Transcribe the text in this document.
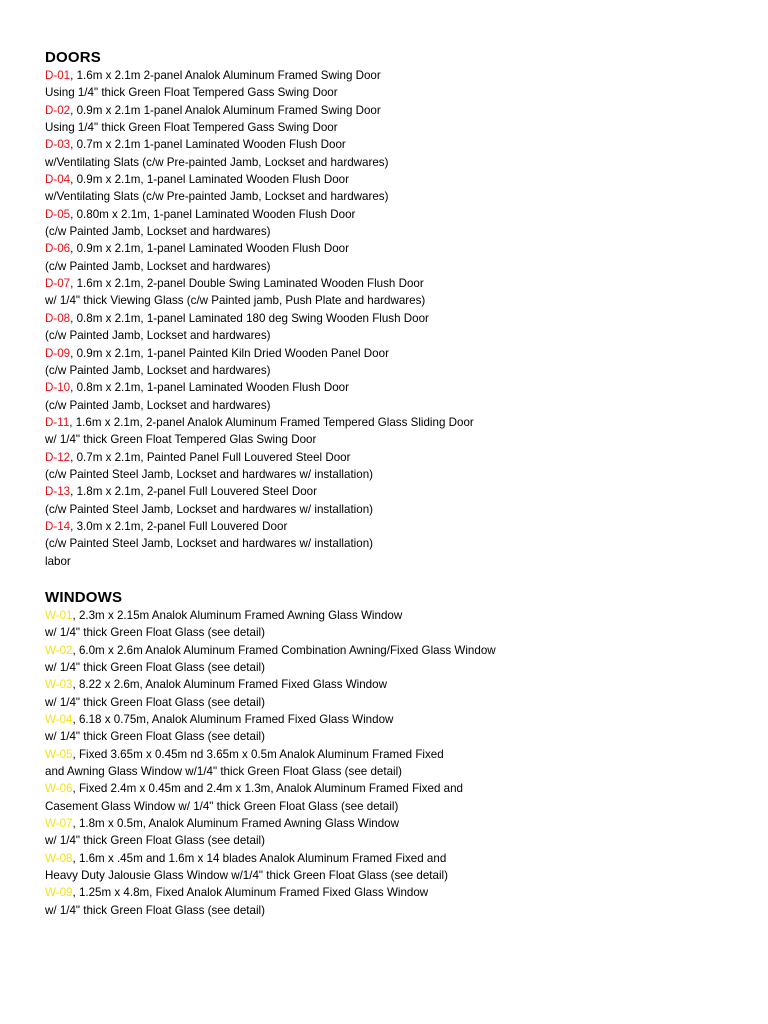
DOORS

D-01, 1.6m x 2.1m 2-panel Analok Aluminum Framed Swing Door

Using 1/4" thick Green Float Tempered Gass Swing Door

D-02, 0.9m x 2.1m 1-panel Analok Aluminum Framed Swing Door

Using 1/4" thick Green Float Tempered Gass Swing Door

D-03, 0.7m x 2.1m 1-panel Laminated Wooden Flush Door

w/Ventilating Slats (c/w Pre-painted Jamb, Lockset and hardwares)

D-04, 0.9m x 2.1m, 1-panel Laminated Wooden Flush Door

w/Ventilating Slats (c/w Pre-painted Jamb, Lockset and hardwares)

D-05, 0.80m x 2.1m, 1-panel Laminated Wooden Flush Door

(c/w Painted Jamb, Lockset and hardwares)

D-06, 0.9m x 2.1m, 1-panel Laminated Wooden Flush Door

(c/w Painted Jamb, Lockset and hardwares)

D-07, 1.6m x 2.1m, 2-panel Double Swing Laminated Wooden Flush Door

w/ 1/4" thick Viewing Glass (c/w Painted jamb, Push Plate and hardwares)

D-08, 0.8m x 2.1m, 1-panel Laminated 180 deg Swing Wooden Flush Door

(c/w Painted Jamb, Lockset and hardwares)

D-09, 0.9m x 2.1m, 1-panel Painted Kiln Dried Wooden Panel Door

(c/w Painted Jamb, Lockset and hardwares)

D-10, 0.8m x 2.1m, 1-panel Laminated Wooden Flush Door

(c/w Painted Jamb, Lockset and hardwares)

D-11, 1.6m x 2.1m, 2-panel Analok Aluminum Framed Tempered Glass Sliding Door

w/ 1/4" thick Green Float Tempered Glas Swing Door

D-12, 0.7m x 2.1m, Painted Panel Full Louvered Steel Door

(c/w Painted Steel Jamb, Lockset and hardwares w/ installation)

D-13, 1.8m x 2.1m, 2-panel Full Louvered Steel Door

(c/w Painted Steel Jamb, Lockset and hardwares w/ installation)

D-14, 3.0m x 2.1m, 2-panel Full Louvered Door

(c/w Painted Steel Jamb, Lockset and hardwares w/ installation)

labor

WINDOWS

W-01, 2.3m x 2.15m Analok Aluminum Framed Awning Glass Window

w/ 1/4" thick Green Float Glass (see detail)

W-02, 6.0m x 2.6m Analok Aluminum Framed Combination Awning/Fixed Glass Window

w/ 1/4" thick Green Float Glass (see detail)

W-03, 8.22 x 2.6m, Analok Aluminum Framed Fixed Glass Window

w/ 1/4" thick Green Float Glass (see detail)

W-04, 6.18 x 0.75m, Analok Aluminum Framed Fixed Glass Window

w/ 1/4" thick Green Float Glass (see detail)

W-05, Fixed 3.65m x 0.45m nd 3.65m x 0.5m Analok Aluminum Framed Fixed

and Awning Glass Window w/1/4" thick Green Float Glass (see detail)

W-06, Fixed 2.4m x 0.45m and 2.4m x 1.3m, Analok Aluminum Framed Fixed and

Casement Glass Window w/ 1/4" thick Green Float Glass (see detail)

W-07, 1.8m x 0.5m, Analok Aluminum Framed Awning Glass Window

w/ 1/4" thick Green Float Glass (see detail)

W-08, 1.6m x .45m and 1.6m x 14 blades Analok Aluminum Framed Fixed and

Heavy Duty Jalousie Glass Window w/1/4" thick Green Float Glass (see detail)

W-09, 1.25m x 4.8m, Fixed Analok Aluminum Framed Fixed Glass Window

w/ 1/4" thick Green Float Glass (see detail)
